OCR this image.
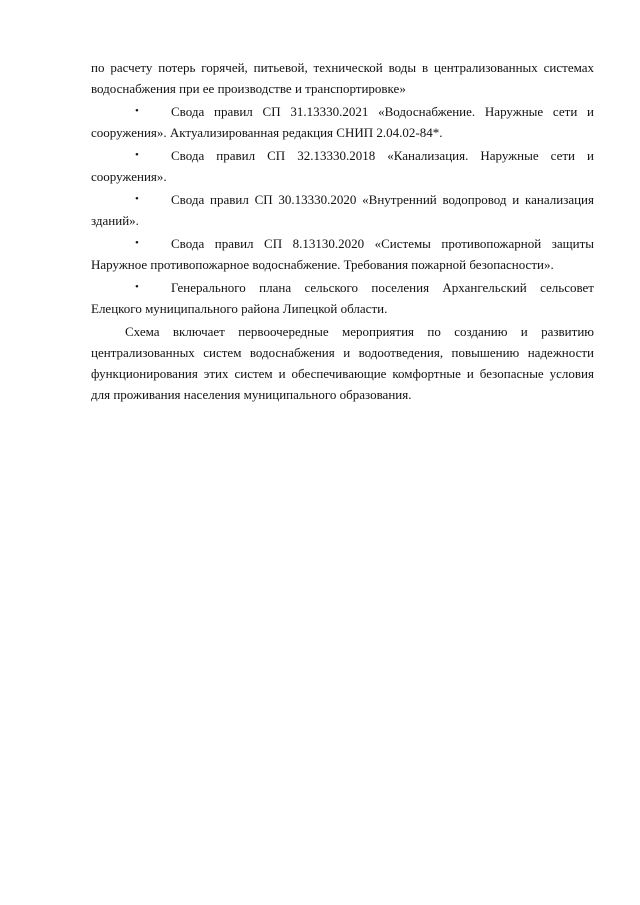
по расчету потерь горячей, питьевой, технической воды в централизованных системах водоснабжения при ее производстве и транспортировке»

• Свода правил СП 31.13330.2021 «Водоснабжение. Наружные сети и сооружения». Актуализированная редакция СНИП 2.04.02-84*.
• Свода правил СП 32.13330.2018 «Канализация. Наружные сети и сооружения».
• Свода правил СП 30.13330.2020 «Внутренний водопровод и канализация зданий».
• Свода правил СП 8.13130.2020 «Системы противопожарной защиты Наружное противопожарное водоснабжение. Требования пожарной безопасности».
• Генерального плана сельского поселения Архангельский сельсовет Елецкого муниципального района Липецкой области.

Схема включает первоочередные мероприятия по созданию и развитию централизованных систем водоснабжения и водоотведения, повышению надежности функционирования этих систем и обеспечивающие комфортные и безопасные условия для проживания населения муниципального образования.
